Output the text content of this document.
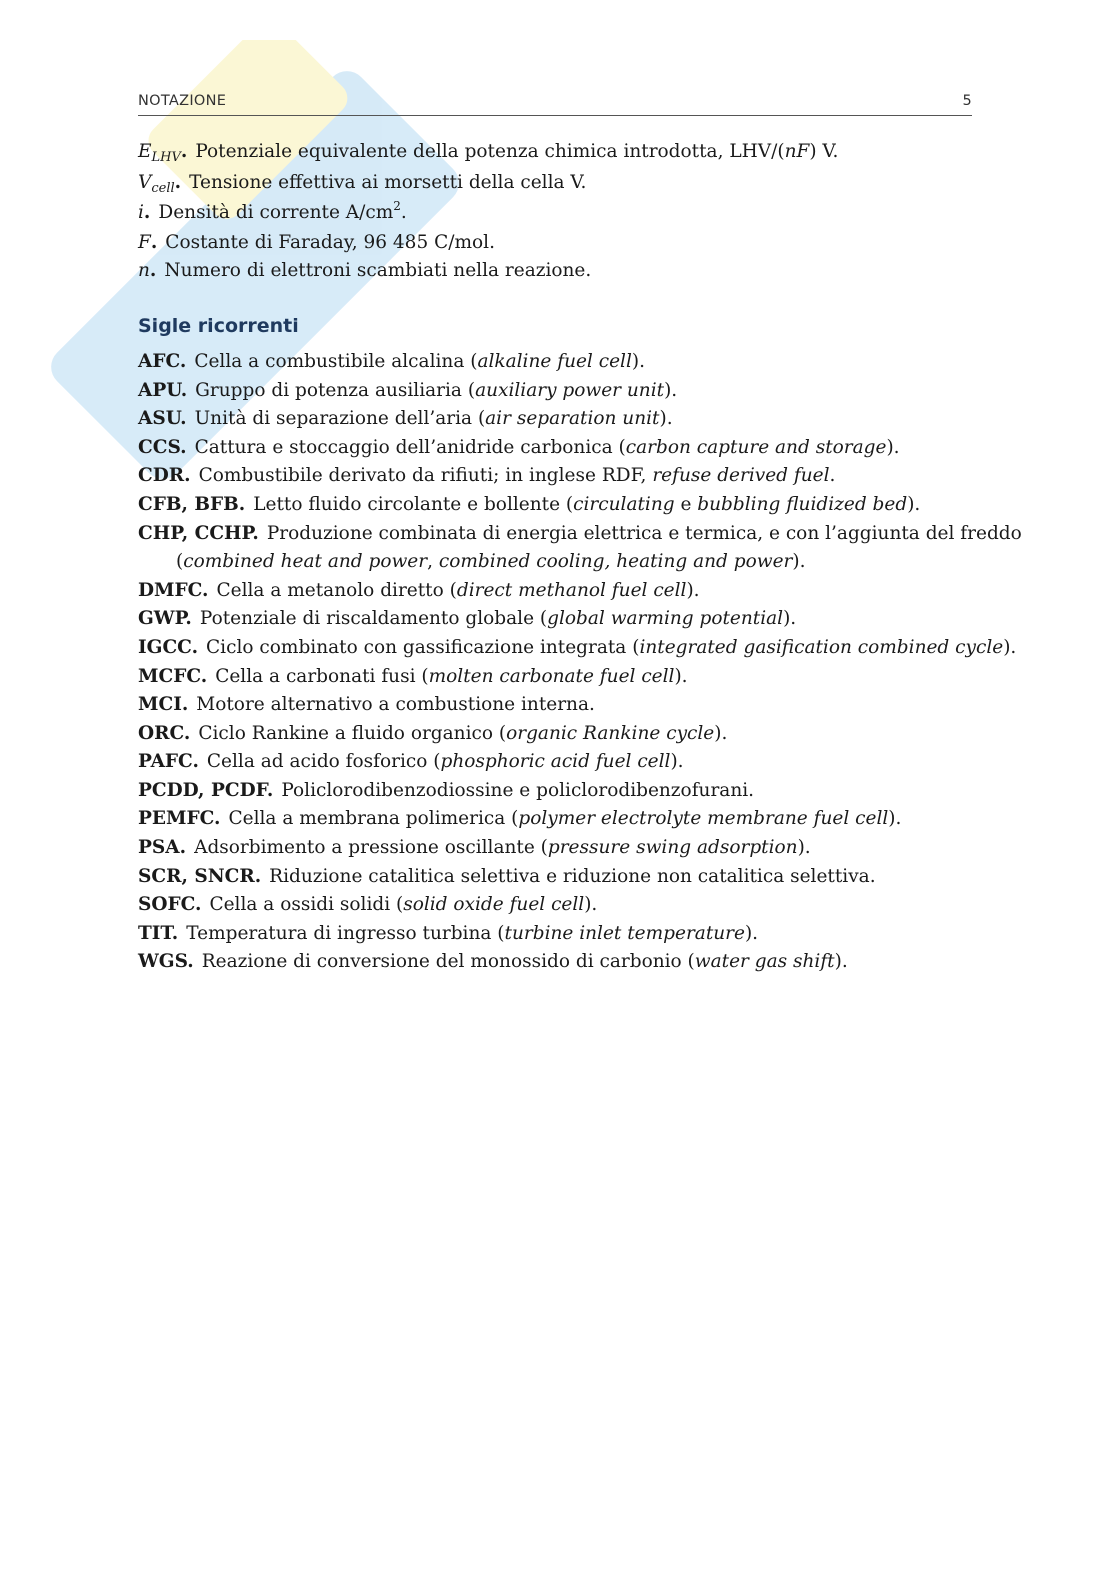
NOTAZIONE	5
$E_{LHV}$. Potenziale equivalente della potenza chimica introdotta, LHV/(nF) V.
$V_{cell}$. Tensione effettiva ai morsetti della cella V.
i. Densità di corrente $A/cm^2$.
F. Costante di Faraday, 96 485 C/mol.
n. Numero di elettroni scambiati nella reazione.
Sigle ricorrenti
AFC. Cella a combustibile alcalina (alkaline fuel cell).
APU. Gruppo di potenza ausiliaria (auxiliary power unit).
ASU. Unità di separazione dell’aria (air separation unit).
CCS. Cattura e stoccaggio dell’anidride carbonica (carbon capture and storage).
CDR. Combustibile derivato da rifiuti; in inglese RDF, refuse derived fuel.
CFB, BFB. Letto fluido circolante e bollente (circulating e bubbling fluidized bed).
CHP, CCHP. Produzione combinata di energia elettrica e termica, e con l’aggiunta del freddo
(combined heat and power, combined cooling, heating and power).
DMFC. Cella a metanolo diretto (direct methanol fuel cell).
GWP. Potenziale di riscaldamento globale (global warming potential).
IGCC. Ciclo combinato con gassificazione integrata (integrated gasification combined cycle).
MCFC. Cella a carbonati fusi (molten carbonate fuel cell).
MCI. Motore alternativo a combustione interna.
ORC. Ciclo Rankine a fluido organico (organic Rankine cycle).
PAFC. Cella ad acido fosforico (phosphoric acid fuel cell).
PCDD, PCDF. Policlorodibenzodiossine e policlorodibenzofurani.
PEMFC. Cella a membrana polimerica (polymer electrolyte membrane fuel cell).
PSA. Adsorbimento a pressione oscillante (pressure swing adsorption).
SCR, SNCR. Riduzione catalitica selettiva e riduzione non catalitica selettiva.
SOFC. Cella a ossidi solidi (solid oxide fuel cell).
TIT. Temperatura di ingresso turbina (turbine inlet temperature).
WGS. Reazione di conversione del monossido di carbonio (water gas shift).
